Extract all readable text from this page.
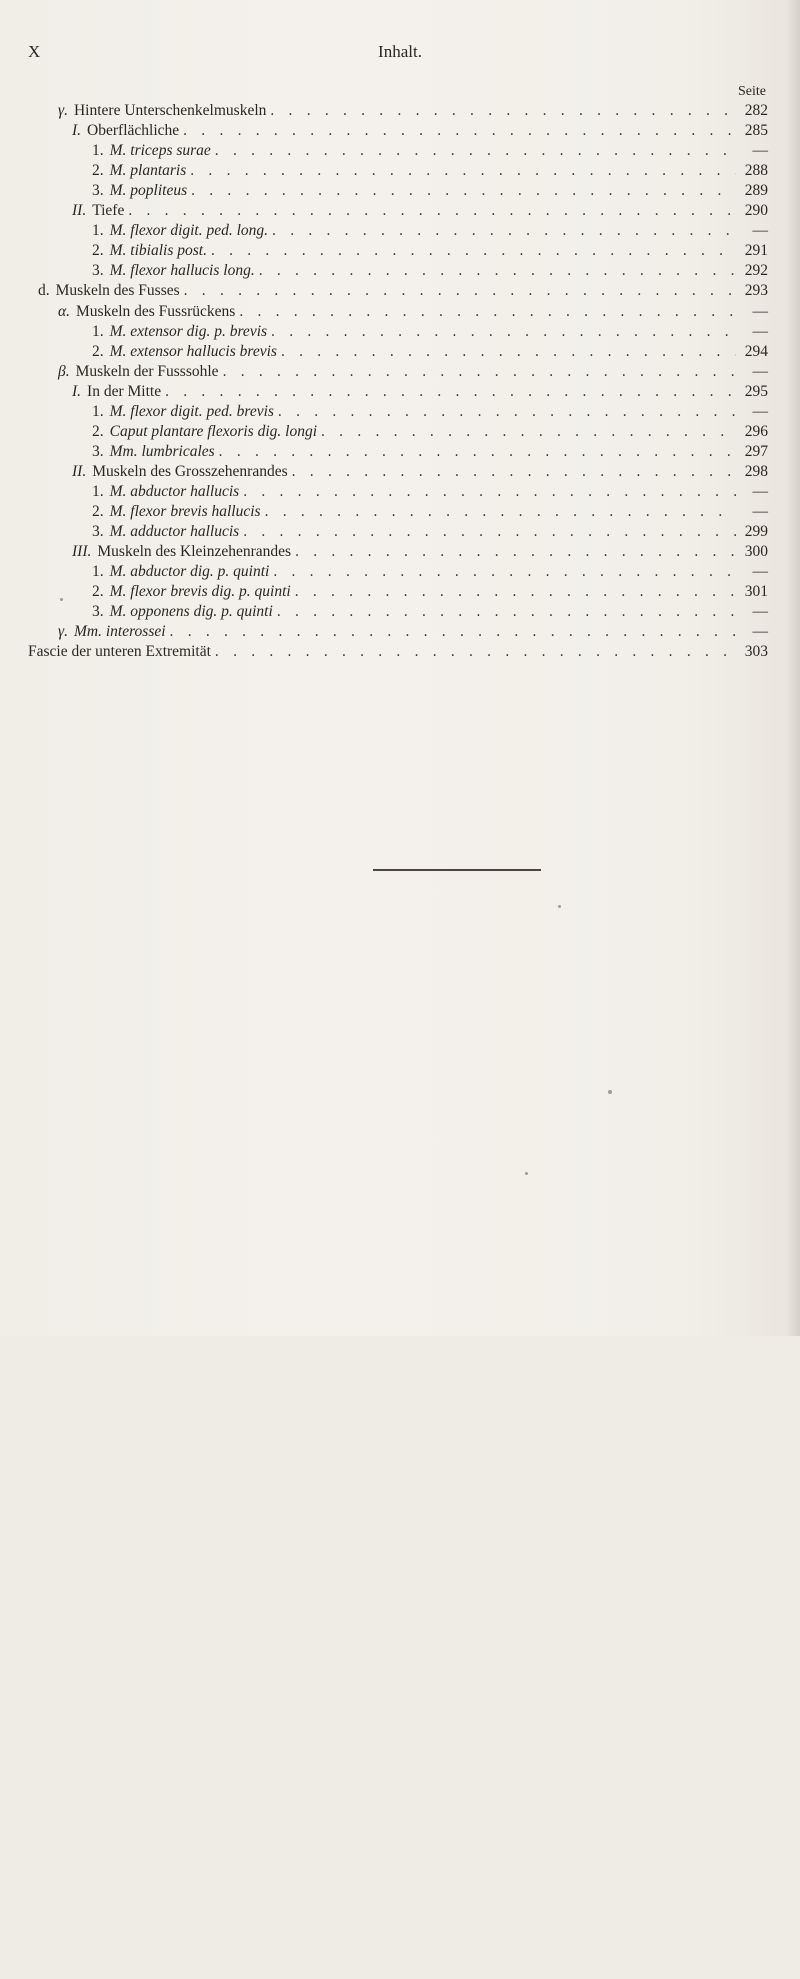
X	Inhalt.
Seite
γ. Hintere Unterschenkelmuskeln . . .	282
I. Oberflächliche . . .	285
1. M. triceps surae . . .	—
2. M. plantaris . . .	288
3. M. popliteus . . .	289
II. Tiefe . . .	290
1. M. flexor digit. ped. long. . . .	—
2. M. tibialis post. . . .	291
3. M. flexor hallucis long. . . .	292
d. Muskeln des Fusses . . .	293
α. Muskeln des Fussrückens . . .	—
1. M. extensor dig. p. brevis . . .	—
2. M. extensor hallucis brevis . . .	294
β. Muskeln der Fusssohle . . .	—
I. In der Mitte . . .	295
1. M. flexor digit. ped. brevis . . .	—
2. Caput plantare flexoris dig. longi . . .	296
3. Mm. lumbricales . . .	297
II. Muskeln des Grosszehenrandes . . .	298
1. M. abductor hallucis . . .	—
2. M. flexor brevis hallucis . . .	—
3. M. adductor hallucis . . .	299
III. Muskeln des Kleinzehenrandes . . .	300
1. M. abductor dig. p. quinti . . .	—
2. M. flexor brevis dig. p. quinti . . .	301
3. M. opponens dig. p. quinti . . .	—
γ. Mm. interossei . . .	—
Fascie der unteren Extremität . . .	303
